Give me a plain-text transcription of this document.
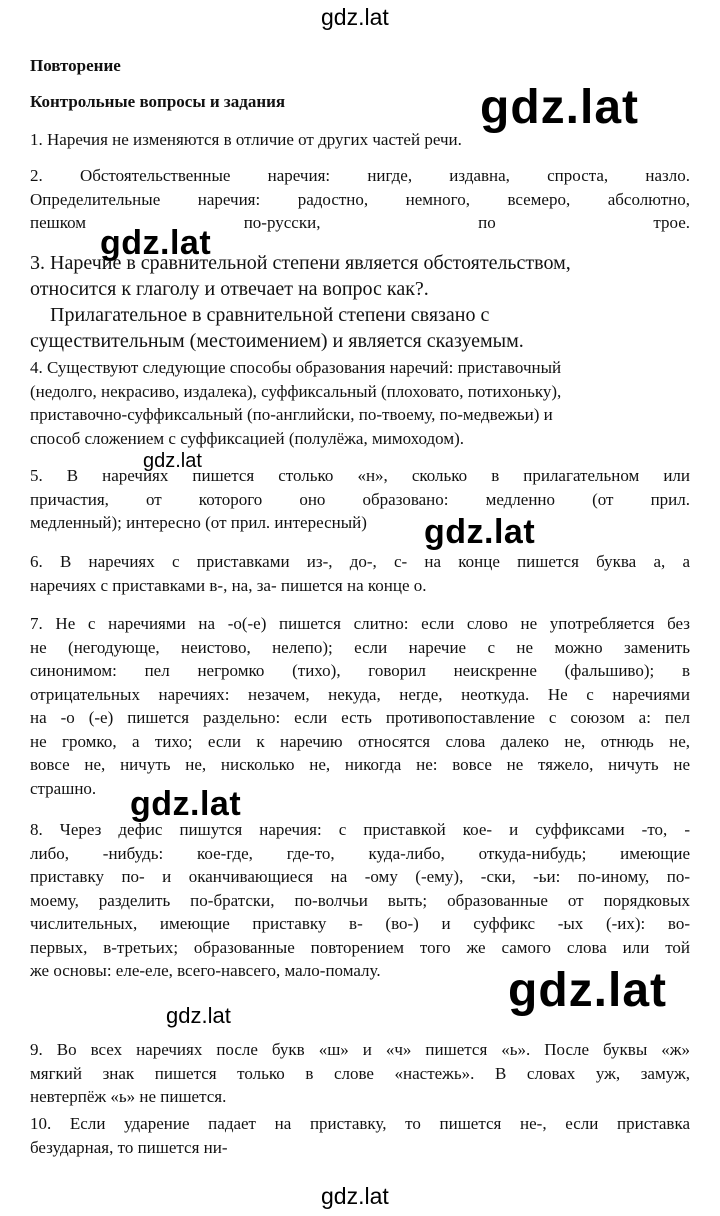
Повторение
Контрольные вопросы и задания
1. Наречия не изменяются в отличие от других частей речи.
2. Обстоятельственные наречия: нигде, издавна, спроста, назло.
Определительные наречия: радостно, немного, всемеро, абсолютно,
пешком по-русски, по трое.
3. Наречие в сравнительной степени является обстоятельством,
относится к глаголу и отвечает на вопрос как?.
Прилагательное в сравнительной степени связано с
существительным (местоимением) и является сказуемым.
4. Существуют следующие способы образования наречий: приставочный
(недолго, некрасиво, издалека), суффиксальный (плоховато, потихоньку),
приставочно-суффиксальный (по-английски, по-твоему, по-медвежьи) и
способ сложением с суффиксацией (полулёжа, мимоходом).
5. В наречиях пишется столько «н», сколько в прилагательном или
причастия, от которого оно образовано: медленно (от прил.
медленный); интересно (от прил. интересный)
6. В наречиях с приставками из-, до-, с- на конце пишется буква а, а
наречиях с приставками в-, на, за- пишется на конце о.
7. Не с наречиями на -о(-е) пишется слитно: если слово не употребляется без
не (негодующе, неистово, нелепо); если наречие с не можно заменить
синонимом: пел негромко (тихо), говорил неискренне (фальшиво); в
отрицательных наречиях: незачем, некуда, негде, неоткуда. Не с наречиями
на -о (-е) пишется раздельно: если есть противопоставление с союзом а: пел
не громко, а тихо; если к наречию относятся слова далеко не, отнюдь не,
вовсе не, ничуть не, нисколько не, никогда не: вовсе не тяжело, ничуть не
страшно.
8. Через дефис пишутся наречия: с приставкой кое- и суффиксами -то, -
либо, -нибудь: кое-где, где-то, куда-либо, откуда-нибудь; имеющие
приставку по- и оканчивающиеся на -ому (-ему), -ски, -ьи: по-иному, по-
моему, разделить по-братски, по-волчьи выть; образованные от порядковых
числительных, имеющие приставку в- (во-) и суффикс -ых (-их): во-
первых, в-третьих; образованные повторением того же самого слова или той
же основы: еле-еле, всего-навсего, мало-помалу.
9. Во всех наречиях после букв «ш» и «ч» пишется «ь». После буквы «ж»
мягкий знак пишется только в слове «настежь». В словах уж, замуж,
невтерпёж «ь» не пишется.
10. Если ударение падает на приставку, то пишется не-, если приставка
безударная, то пишется ни-
gdz.lat
gdz.lat
gdz.lat
gdz.lat
gdz.lat
gdz.lat
gdz.lat
gdz.lat
gdz.lat
